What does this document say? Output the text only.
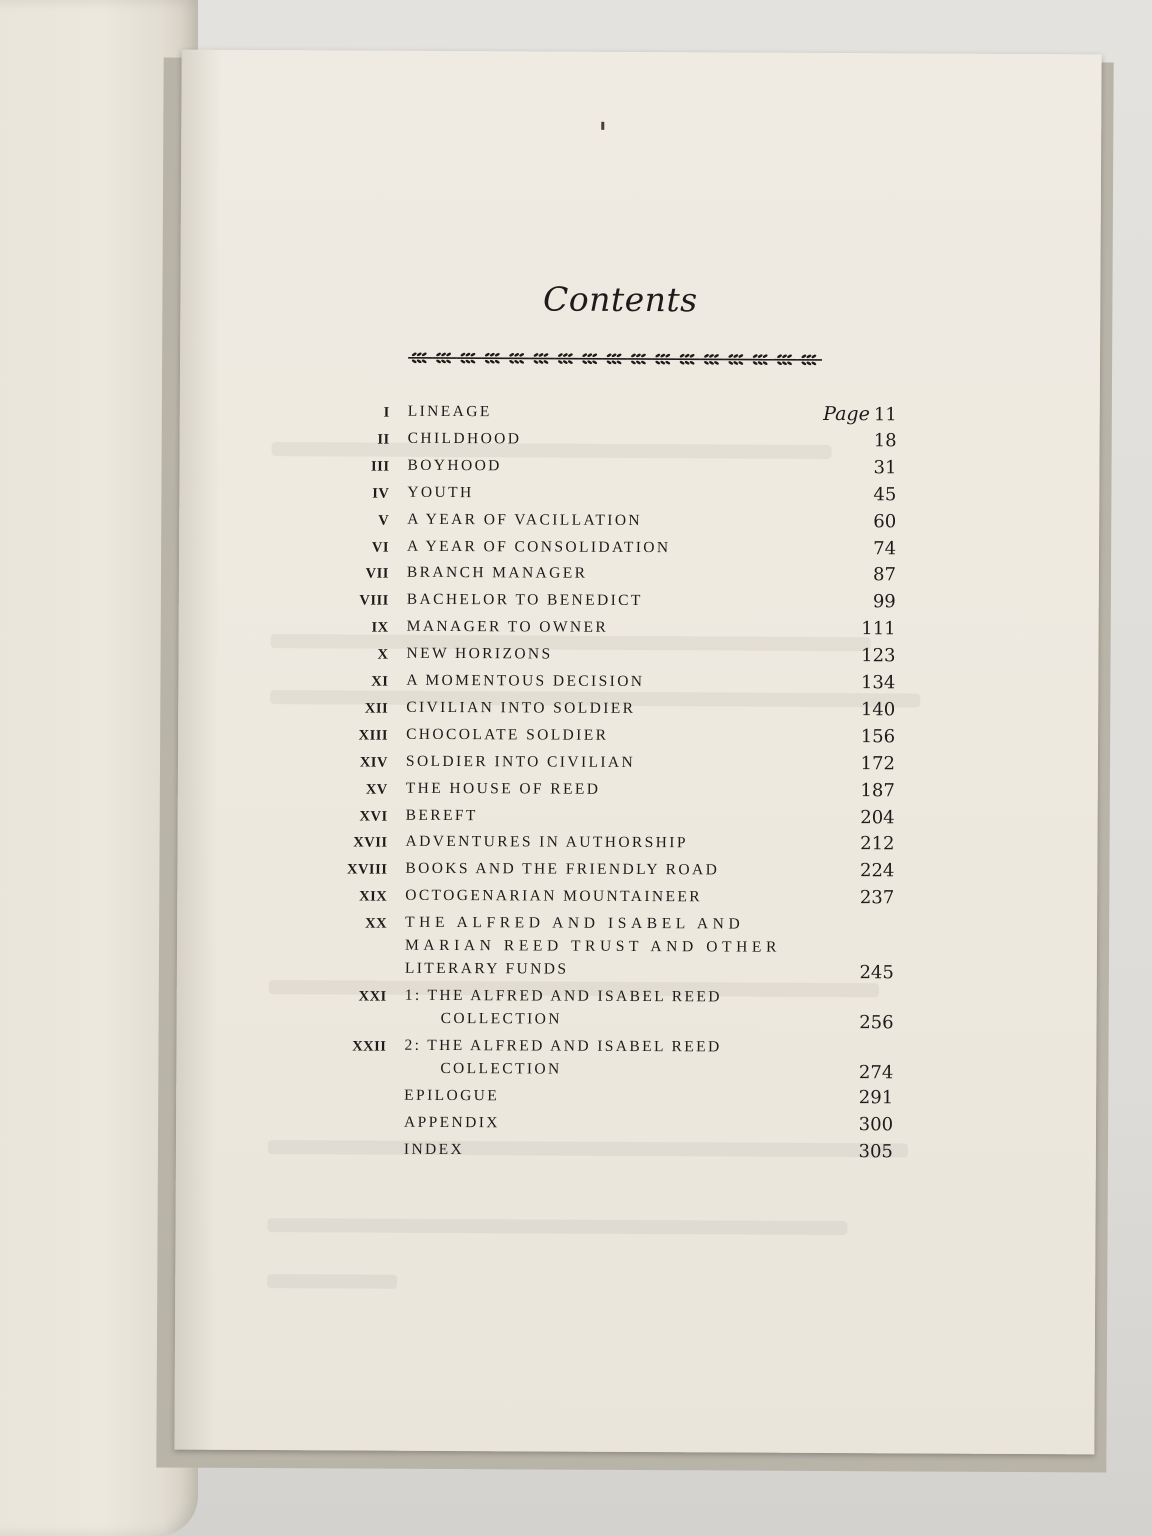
Contents
I LINEAGE	Page 11
II CHILDHOOD	18
III BOYHOOD	31
IV YOUTH	45
V A YEAR OF VACILLATION	60
VI A YEAR OF CONSOLIDATION	74
VII BRANCH MANAGER	87
VIII BACHELOR TO BENEDICT	99
IX MANAGER TO OWNER	111
X NEW HORIZONS	123
XI A MOMENTOUS DECISION	134
XII CIVILIAN INTO SOLDIER	140
XIII CHOCOLATE SOLDIER	156
XIV SOLDIER INTO CIVILIAN	172
XV THE HOUSE OF REED	187
XVI BEREFT	204
XVII ADVENTURES IN AUTHORSHIP	212
XVIII BOOKS AND THE FRIENDLY ROAD	224
XIX OCTOGENARIAN MOUNTAINEER	237
XX THE ALFRED AND ISABEL AND
MARIAN REED TRUST AND OTHER
LITERARY FUNDS	245
XXI 1: THE ALFRED AND ISABEL REED
COLLECTION	256
XXII 2: THE ALFRED AND ISABEL REED
COLLECTION	274
EPILOGUE	291
APPENDIX	300
INDEX	305
